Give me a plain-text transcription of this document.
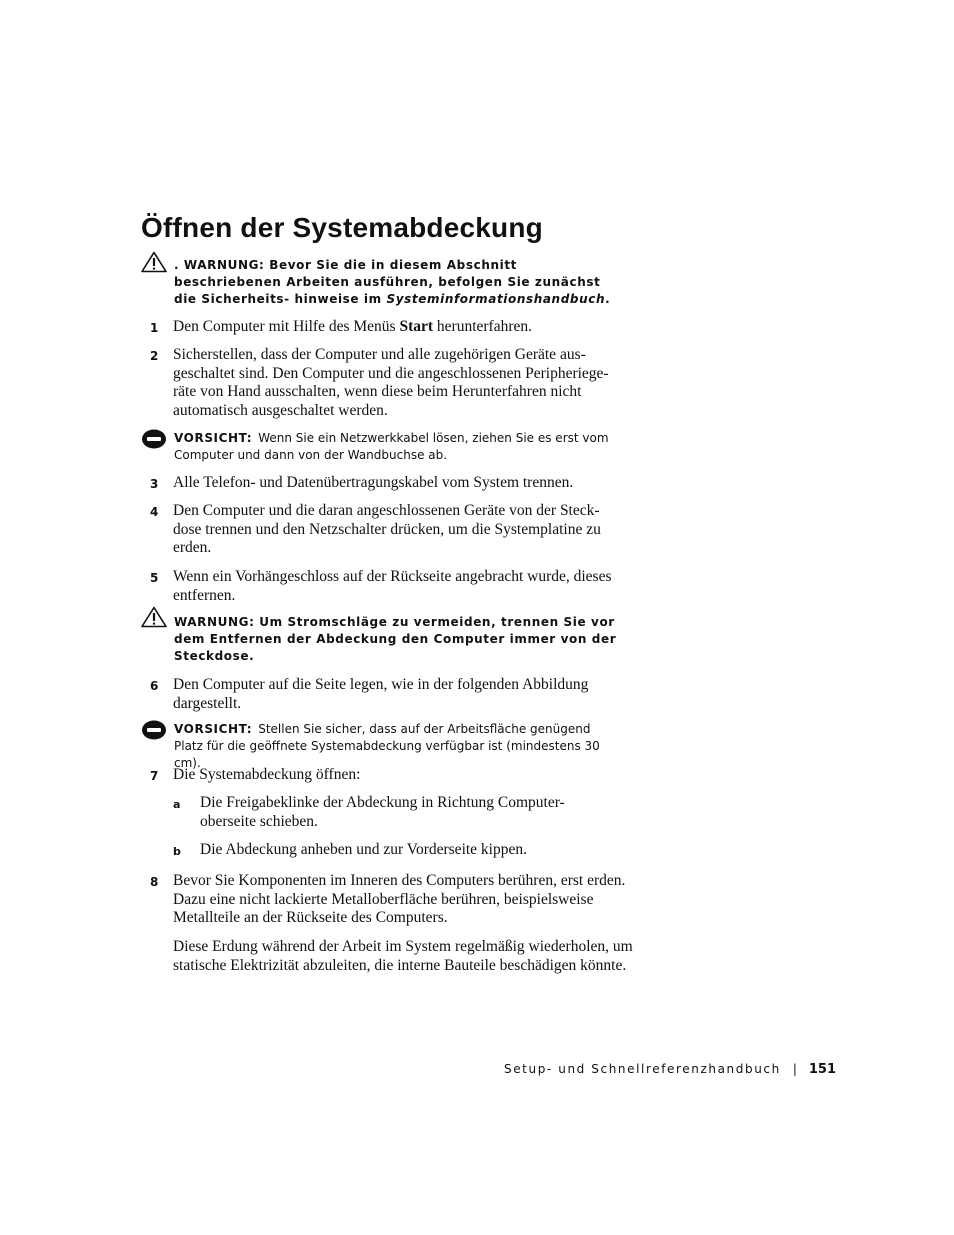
Öffnen der Systemabdeckung
. WARNUNG: Bevor Sie die in diesem Abschnitt beschriebenen Arbeiten ausführen, befolgen Sie zunächst die Sicherheits- hinweise im Systeminformationshandbuch.
1 Den Computer mit Hilfe des Menüs Start herunterfahren.
2 Sicherstellen, dass der Computer und alle zugehörigen Geräte aus- geschaltet sind. Den Computer und die angeschlossenen Peripheriege- räte von Hand ausschalten, wenn diese beim Herunterfahren nicht automatisch ausgeschaltet werden.
VORSICHT: Wenn Sie ein Netzwerkkabel lösen, ziehen Sie es erst vom Computer und dann von der Wandbuchse ab.
3 Alle Telefon- und Datenübertragungskabel vom System trennen.
4 Den Computer und die daran angeschlossenen Geräte von der Steck- dose trennen und den Netzschalter drücken, um die Systemplatine zu erden.
5 Wenn ein Vorhängeschloss auf der Rückseite angebracht wurde, dieses entfernen.
WARNUNG: Um Stromschläge zu vermeiden, trennen Sie vor dem Entfernen der Abdeckung den Computer immer von der Steckdose.
6 Den Computer auf die Seite legen, wie in der folgenden Abbildung dargestellt.
VORSICHT: Stellen Sie sicher, dass auf der Arbeitsfläche genügend Platz für die geöffnete Systemabdeckung verfügbar ist (mindestens 30 cm).
7 Die Systemabdeckung öffnen:
a Die Freigabeklinke der Abdeckung in Richtung Computer- oberseite schieben.
b Die Abdeckung anheben und zur Vorderseite kippen.
8 Bevor Sie Komponenten im Inneren des Computers berühren, erst erden. Dazu eine nicht lackierte Metalloberfläche berühren, beispielsweise Metallteile an der Rückseite des Computers.
Diese Erdung während der Arbeit im System regelmäßig wiederholen, um statische Elektrizität abzuleiten, die interne Bauteile beschädigen könnte.
Setup- und Schnellreferenzhandbuch | 151
